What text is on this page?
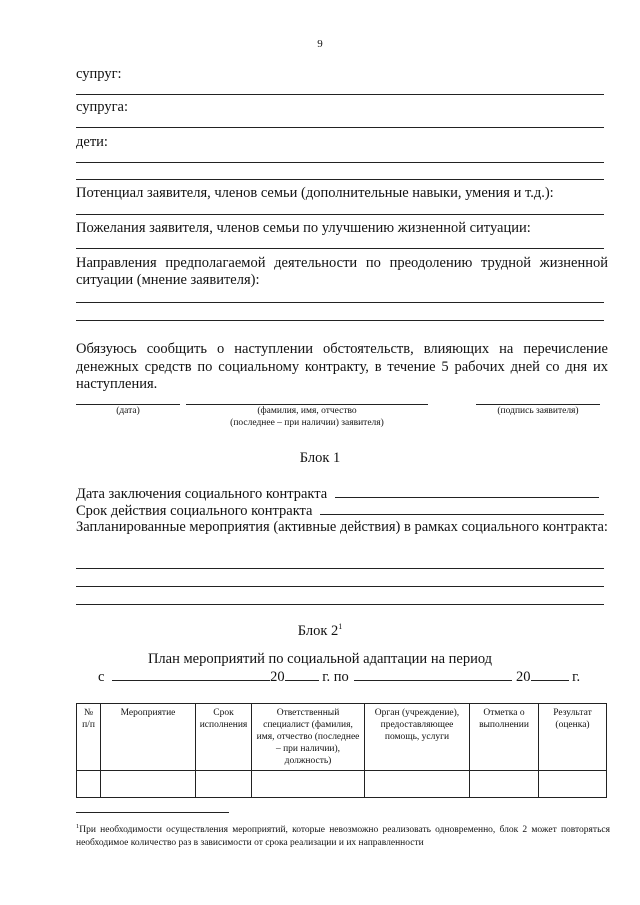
9
супруг:
супруга:
дети:
Потенциал заявителя, членов семьи (дополнительные навыки, умения и т.д.):
Пожелания заявителя, членов семьи по улучшению жизненной ситуации:
Направления предполагаемой деятельности по преодолению трудной жизненной
ситуации (мнение заявителя):
Обязуюсь сообщить о наступлении обстоятельств, влияющих на перечисление денежных средств по социальному контракту, в течение 5 рабочих дней со дня их наступления.
(дата)	(фамилия, имя, отчество
(последнее – при наличии) заявителя)
(подпись заявителя)
Блок 1
Дата заключения социального контракта
Срок действия социального контракта
Запланированные мероприятия (активные действия) в рамках социального контракта:
Блок $2^1$
План мероприятий по социальной адаптации на период
с	20	г. по	20	г.
№ п/п	Мероприятие	Срок исполнения	Ответственный специалист (фамилия, имя, отчество (последнее – при наличии), должность)	Орган (учреждение), предоставляющее помощь, услуги	Отметка о выполнении	Результат (оценка)

$^1$При необходимости осуществления мероприятий, которые невозможно реализовать одновременно, блок 2 может повторяться необходимое количество раз в зависимости от срока реализации и их направленности
